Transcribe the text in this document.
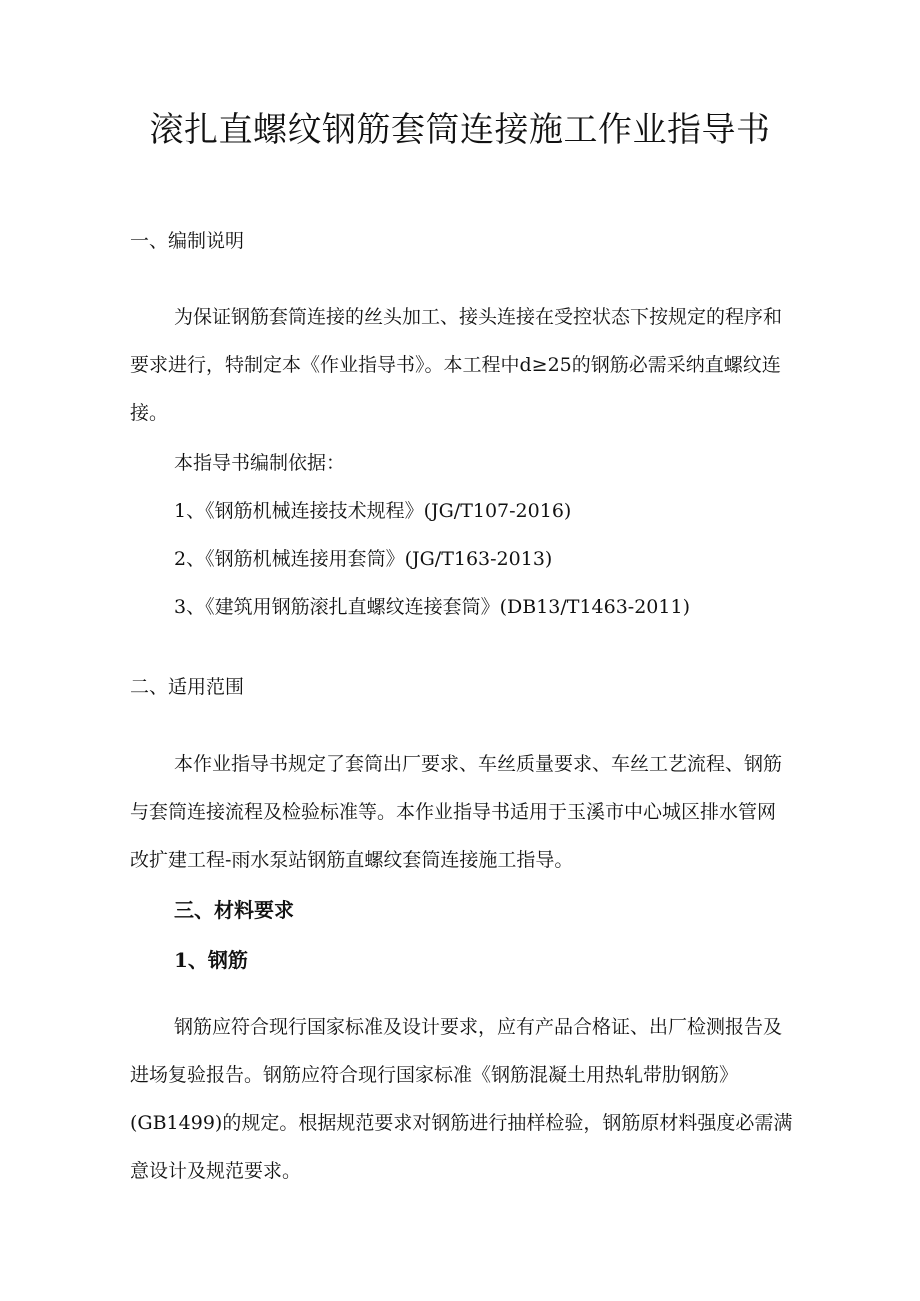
滚扎直螺纹钢筋套筒连接施工作业指导书

一、编制说明

为保证钢筋套筒连接的丝头加工、接头连接在受控状态下按规定的程序和

要求进行，特制定本《作业指导书》。本工程中d≥25的钢筋必需采纳直螺纹连

接。

本指导书编制依据：

1、《钢筋机械连接技术规程》(JG/T107-2016)

2、《钢筋机械连接用套筒》(JG/T163-2013)

3、《建筑用钢筋滚扎直螺纹连接套筒》(DB13/T1463-2011)

二、适用范围

本作业指导书规定了套筒出厂要求、车丝质量要求、车丝工艺流程、钢筋

与套筒连接流程及检验标准等。本作业指导书适用于玉溪市中心城区排水管网

改扩建工程-雨水泵站钢筋直螺纹套筒连接施工指导。

三、材料要求

1、钢筋

钢筋应符合现行国家标准及设计要求，应有产品合格证、出厂检测报告及

进场复验报告。钢筋应符合现行国家标准《钢筋混凝土用热轧带肋钢筋》

(GB1499)的规定。根据规范要求对钢筋进行抽样检验，钢筋原材料强度必需满

意设计及规范要求。
